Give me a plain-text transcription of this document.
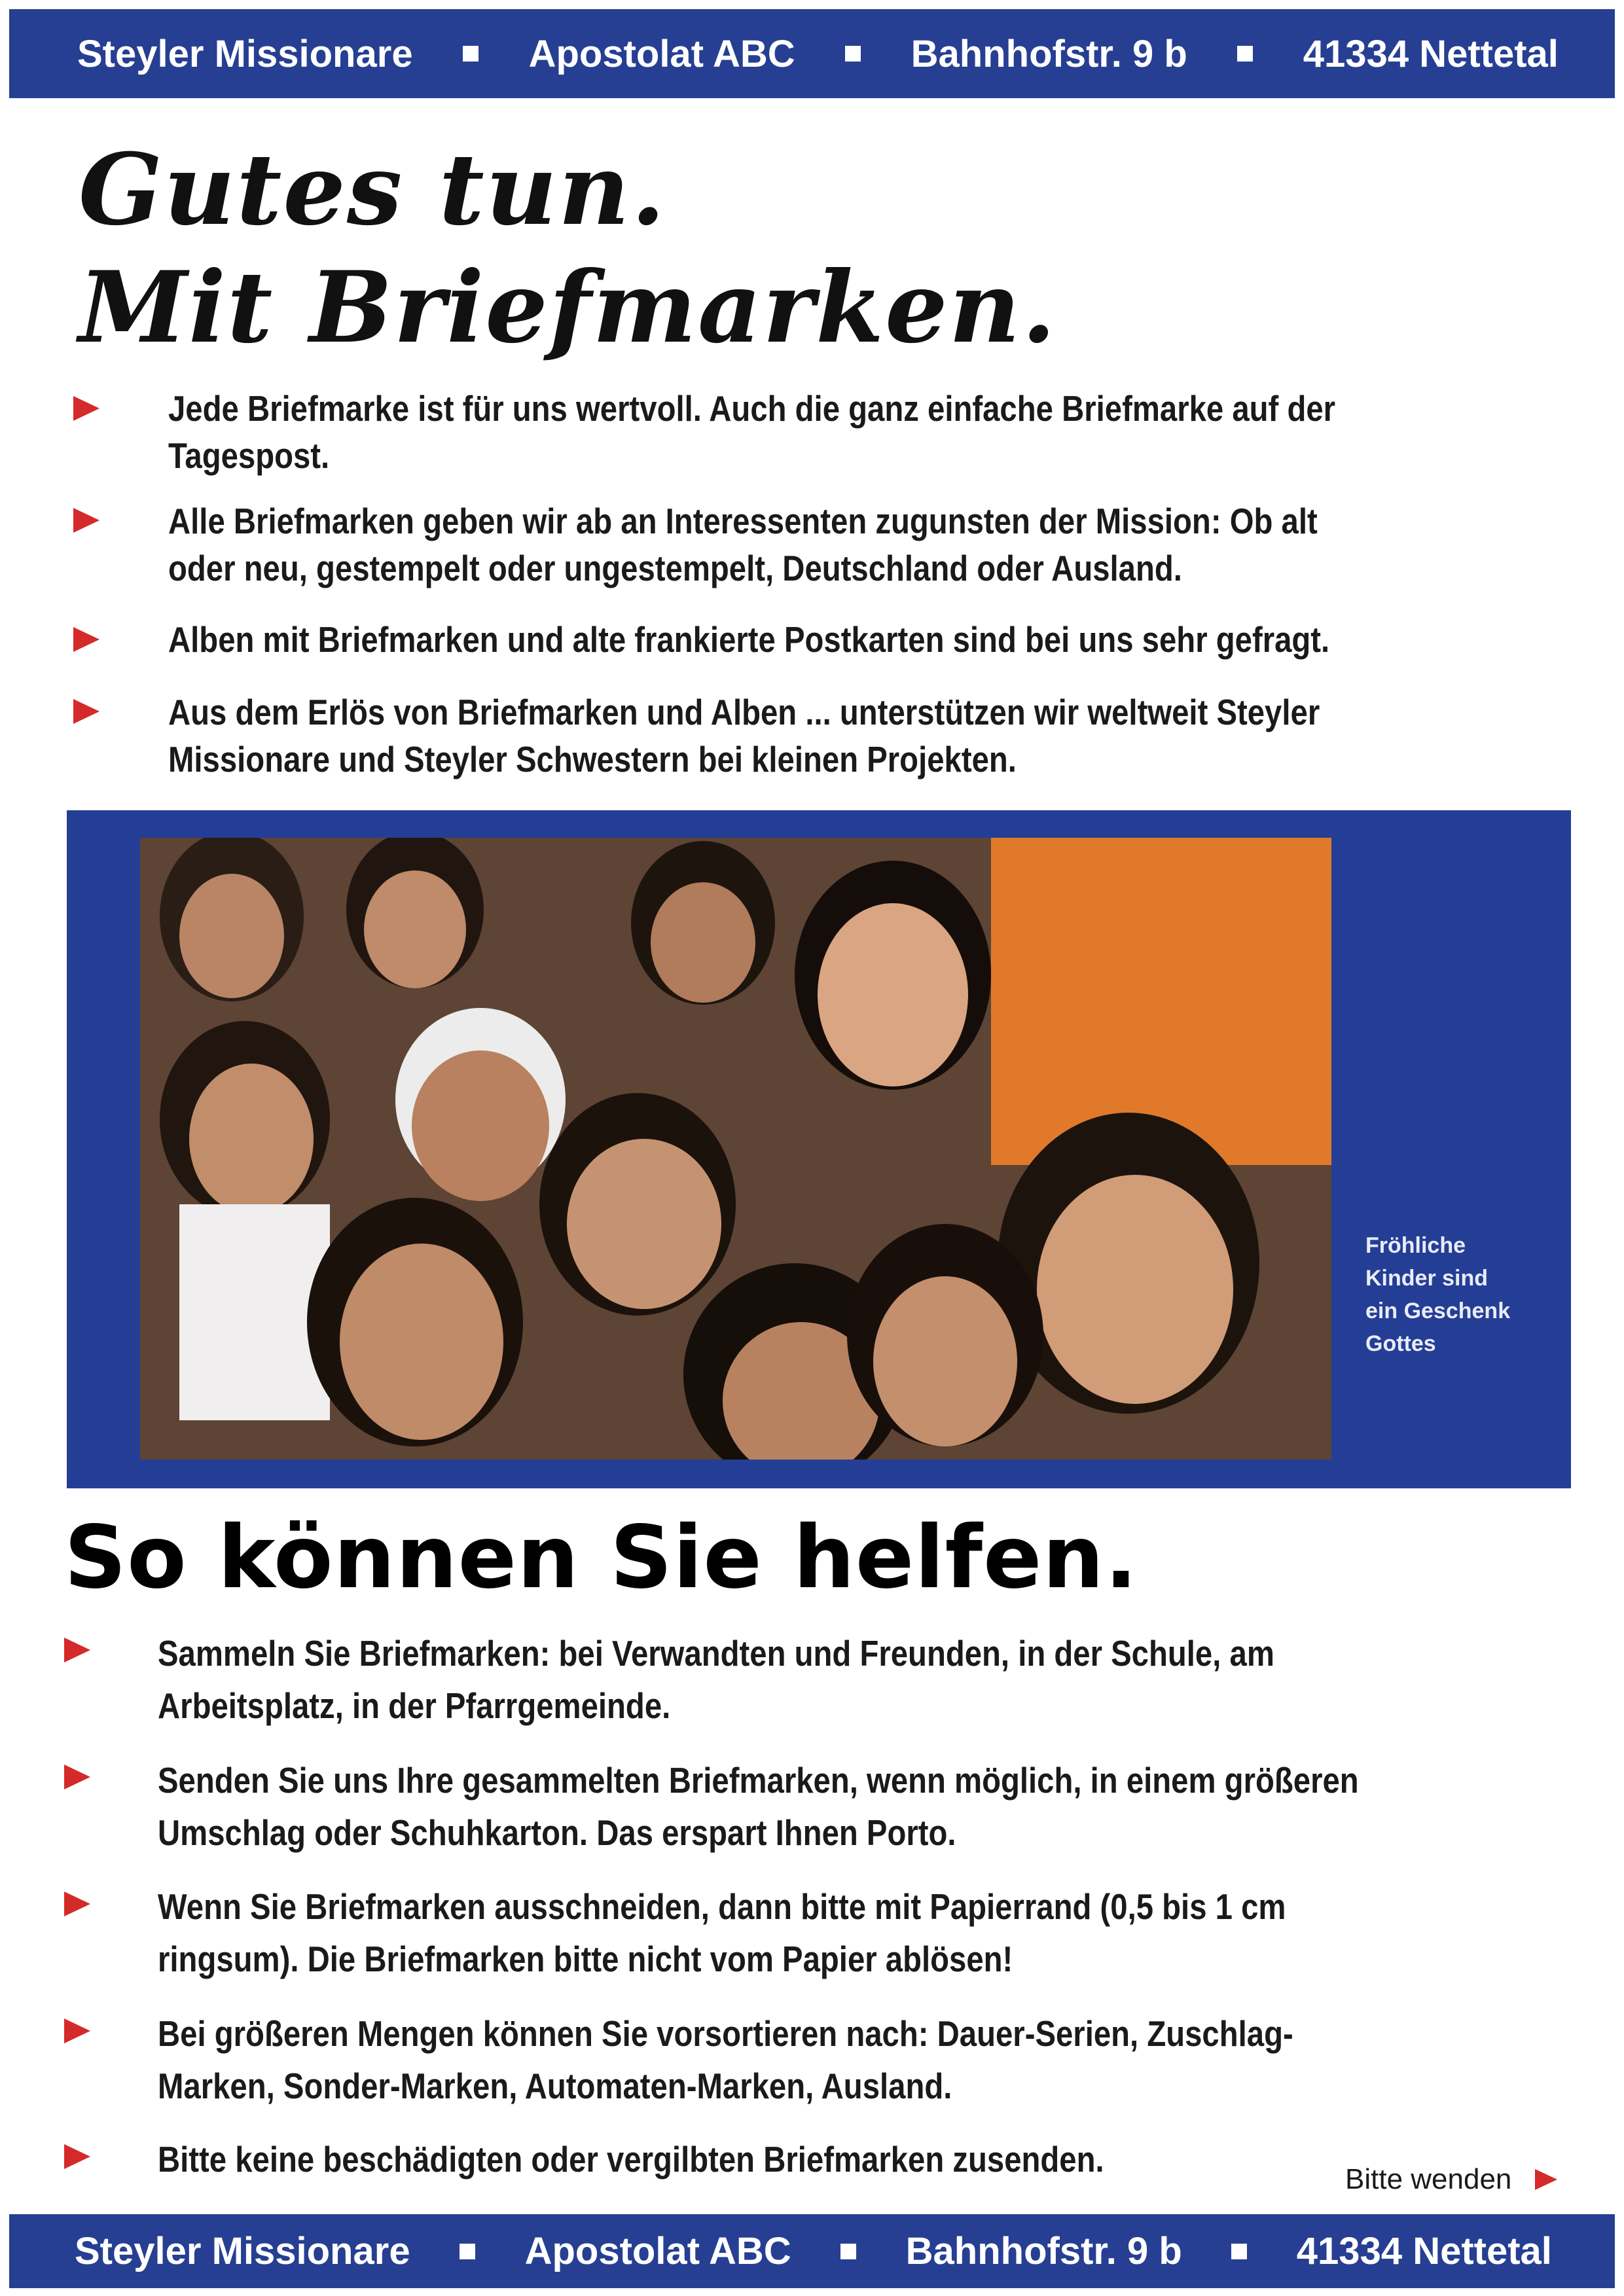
Steyler Missionare	Apostolat ABC	Bahnhofstr. 9 b	41334 Nettetal
Gutes tun.
Mit Briefmarken.
Jede Briefmarke ist für uns wertvoll. Auch die ganz einfache Briefmarke auf der
Tagespost.
Alle Briefmarken geben wir ab an Interessenten zugunsten der Mission: Ob alt
oder neu, gestempelt oder ungestempelt, Deutschland oder Ausland.
Alben mit Briefmarken und alte frankierte Postkarten sind bei uns sehr gefragt.
Aus dem Erlös von Briefmarken und Alben ... unterstützen wir weltweit Steyler
Missionare und Steyler Schwestern bei kleinen Projekten.
Fröhliche
Kinder sind
ein Geschenk
Gottes
So können Sie helfen.
Sammeln Sie Briefmarken: bei Verwandten und Freunden, in der Schule, am
Arbeitsplatz, in der Pfarrgemeinde.
Senden Sie uns Ihre gesammelten Briefmarken, wenn möglich, in einem größeren
Umschlag oder Schuhkarton. Das erspart Ihnen Porto.
Wenn Sie Briefmarken ausschneiden, dann bitte mit Papierrand (0,5 bis 1 cm
ringsum). Die Briefmarken bitte nicht vom Papier ablösen!
Bei größeren Mengen können Sie vorsortieren nach: Dauer-Serien, Zuschlag-
Marken, Sonder-Marken, Automaten-Marken, Ausland.
Bitte keine beschädigten oder vergilbten Briefmarken zusenden.	Bitte wenden
Steyler Missionare	Apostolat ABC	Bahnhofstr. 9 b	41334 Nettetal
